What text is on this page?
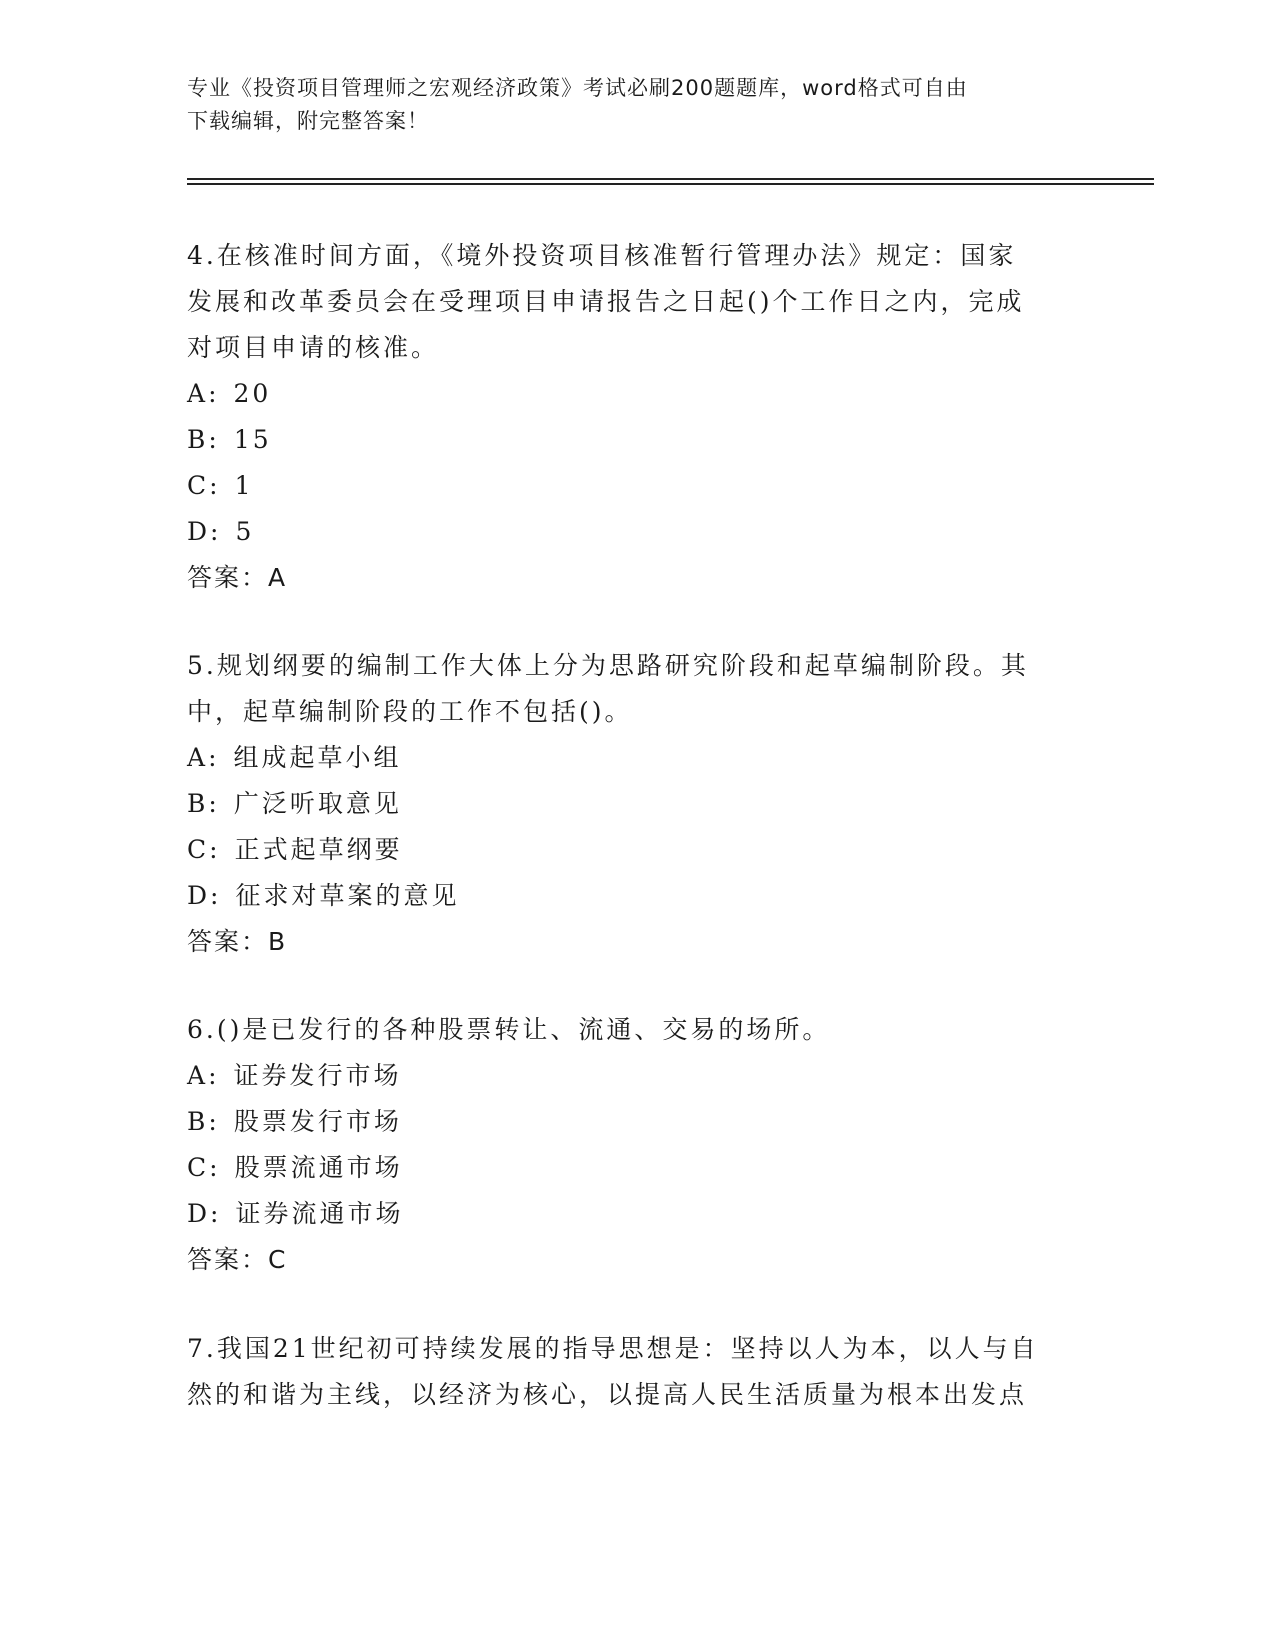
专业《投资项目管理师之宏观经济政策》考试必刷200题题库，word格式可自由
下载编辑，附完整答案！
4.在核准时间方面，《境外投资项目核准暂行管理办法》规定：国家
发展和改革委员会在受理项目申请报告之日起()个工作日之内，完成
对项目申请的核准。
A: 20
B: 15
C: 1
D: 5
答案：A
5.规划纲要的编制工作大体上分为思路研究阶段和起草编制阶段。其
中，起草编制阶段的工作不包括()。
A: 组成起草小组
B: 广泛听取意见
C: 正式起草纲要
D: 征求对草案的意见
答案：B
6.()是已发行的各种股票转让、流通、交易的场所。
A: 证券发行市场
B: 股票发行市场
C: 股票流通市场
D: 证券流通市场
答案：C
7.我国21世纪初可持续发展的指导思想是：坚持以人为本，以人与自
然的和谐为主线，以经济为核心，以提高人民生活质量为根本出发点
